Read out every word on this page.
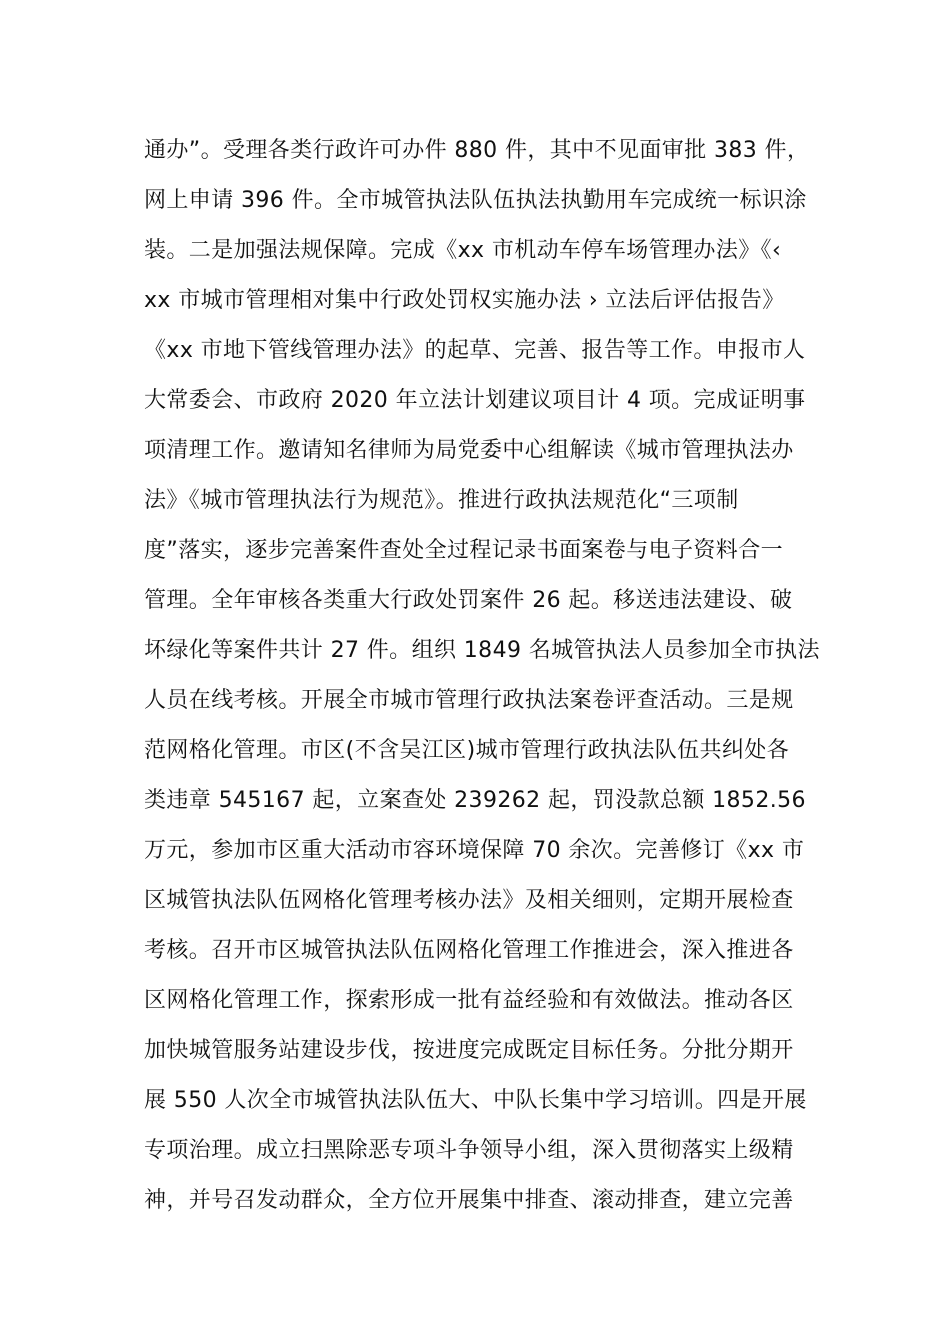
通办”。受理各类行政许可办件 880 件，其中不见面审批 383 件，
网上申请 396 件。全市城管执法队伍执法执勤用车完成统一标识涂
装。二是加强法规保障。完成《xx 市机动车停车场管理办法》《‹
xx 市城市管理相对集中行政处罚权实施办法 › 立法后评估报告》
《xx 市地下管线管理办法》的起草、完善、报告等工作。申报市人
大常委会、市政府 2020 年立法计划建议项目计 4 项。完成证明事
项清理工作。邀请知名律师为局党委中心组解读《城市管理执法办
法》《城市管理执法行为规范》。推进行政执法规范化“三项制
度”落实，逐步完善案件查处全过程记录书面案卷与电子资料合一
管理。全年审核各类重大行政处罚案件 26 起。移送违法建设、破
坏绿化等案件共计 27 件。组织 1849 名城管执法人员参加全市执法
人员在线考核。开展全市城市管理行政执法案卷评查活动。三是规
范网格化管理。市区(不含吴江区)城市管理行政执法队伍共纠处各
类违章 545167 起，立案查处 239262 起，罚没款总额 1852.56
万元，参加市区重大活动市容环境保障 70 余次。完善修订《xx 市
区城管执法队伍网格化管理考核办法》及相关细则，定期开展检查
考核。召开市区城管执法队伍网格化管理工作推进会，深入推进各
区网格化管理工作，探索形成一批有益经验和有效做法。推动各区
加快城管服务站建设步伐，按进度完成既定目标任务。分批分期开
展 550 人次全市城管执法队伍大、中队长集中学习培训。四是开展
专项治理。成立扫黑除恶专项斗争领导小组，深入贯彻落实上级精
神，并号召发动群众，全方位开展集中排查、滚动排查，建立完善
